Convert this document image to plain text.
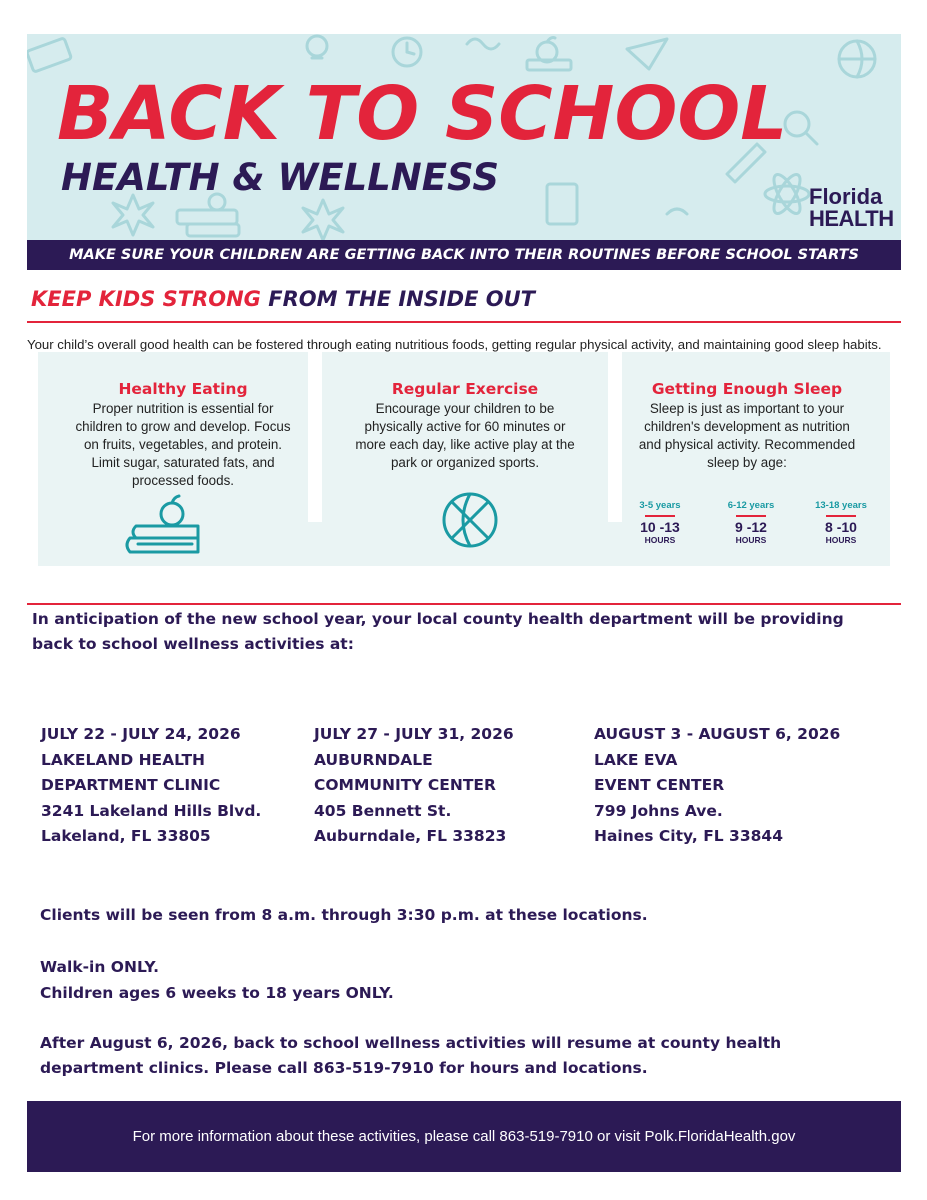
BACK TO SCHOOL
HEALTH & WELLNESS	Florida
HEALTH
MAKE SURE YOUR CHILDREN ARE GETTING BACK INTO THEIR ROUTINES BEFORE SCHOOL STARTS
KEEP KIDS STRONG FROM THE INSIDE OUT
Your child’s overall good health can be fostered through eating nutritious foods, getting regular physical activity, and maintaining good sleep habits.
Healthy Eating
Proper nutrition is essential for
children to grow and develop. Focus
on fruits, vegetables, and protein.
Limit sugar, saturated fats, and
processed foods.
Regular Exercise
Encourage your children to be
physically active for 60 minutes or
more each day, like active play at the
park or organized sports.
Getting Enough Sleep
Sleep is just as important to your
children's development as nutrition
and physical activity. Recommended
sleep by age:
3-5 years
10 -13
HOURS
6-12 years
9 -12
HOURS
13-18 years
8 -10
HOURS
In anticipation of the new school year, your local county health department will be providing
back to school wellness activities at:
JULY 22 - JULY 24, 2026
LAKELAND HEALTH
DEPARTMENT CLINIC
3241 Lakeland Hills Blvd.
Lakeland, FL 33805
JULY 27 - JULY 31, 2026
AUBURNDALE
COMMUNITY CENTER
405 Bennett St.
Auburndale, FL 33823
AUGUST 3 - AUGUST 6, 2026
LAKE EVA
EVENT CENTER
799 Johns Ave.
Haines City, FL 33844
Clients will be seen from 8 a.m. through 3:30 p.m. at these locations.
Walk-in ONLY.
Children ages 6 weeks to 18 years ONLY.
After August 6, 2026, back to school wellness activities will resume at county health
department clinics. Please call 863-519-7910 for hours and locations.
For more information about these activities, please call 863-519-7910 or visit Polk.FloridaHealth.gov
